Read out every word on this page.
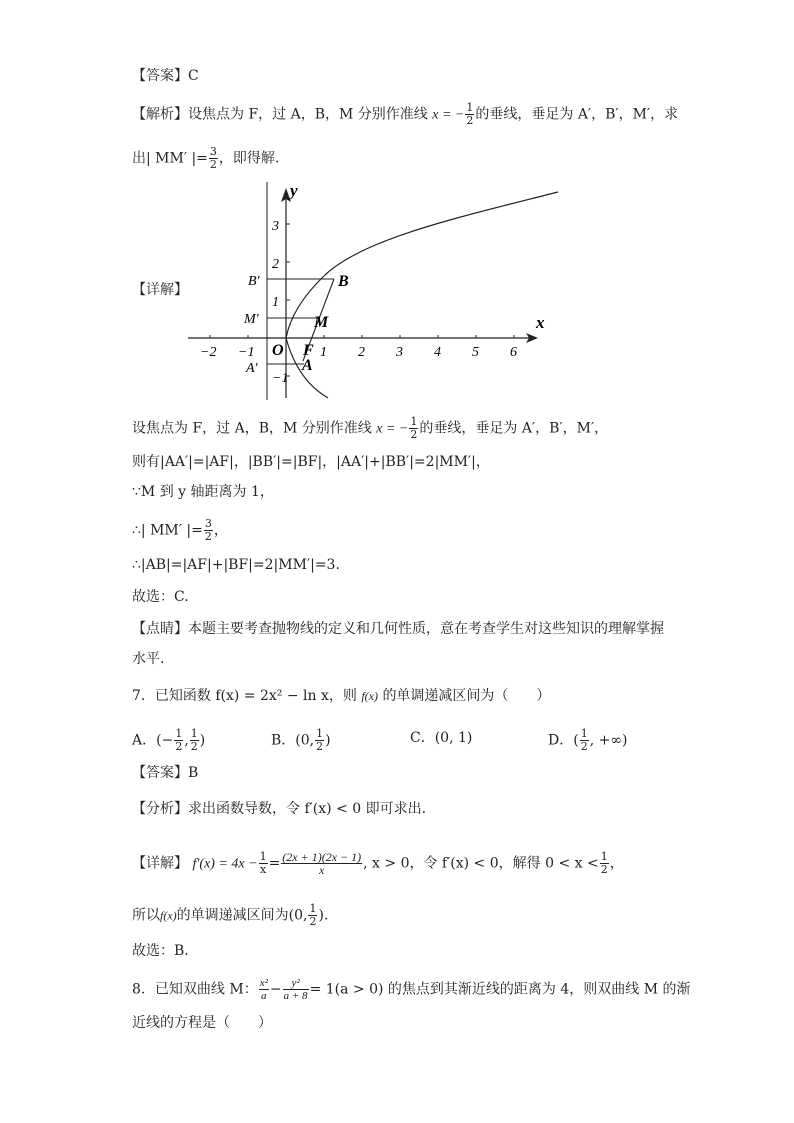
【答案】C
【解析】设焦点为 F，过 A，B，M 分别作准线 x = − $\frac{1}{2}$ 的垂线，垂足为 A′，B′，M′，求
出| MM′ |= $\frac{3}{2}$ ，即得解.
【详解】
y
x
−2 −1	1 2 3 4 5 6
3
2
1
−1
O F
A
B
M
A′
B′
M′
设焦点为 F，过 A，B，M 分别作准线 x = − $\frac{1}{2}$ 的垂线，垂足为 A′，B′，M′，
则有|AA′|=|AF|，|BB′|=|BF|，|AA′|+|BB′|=2|MM′|，
∵M 到 y 轴距离为 1，
∴| MM′ |= $\frac{3}{2}$ ，
∴|AB|=|AF|+|BF|=2|MM′|=3.
故选：C.
【点睛】本题主要考查抛物线的定义和几何性质，意在考查学生对这些知识的理解掌握
水平.
7．已知函数 f(x) = 2x² − ln x，则 f(x) 的单调递减区间为（　　）
A．(− $\frac{1}{2}$ , $\frac{1}{2}$ )	B．(0, $\frac{1}{2}$ )	C．(0, 1)	D．( $\frac{1}{2}$ , +∞)
【答案】B
【分析】求出函数导数，令 f′(x) < 0 即可求出.
【详解】 $f'(x) = 4x - \frac{1}{x} = \frac{(2x + 1)(2x - 1)}{x}$ , x > 0，令 f′(x) < 0，解得 $0 < x < \frac{1}{2}$ ，
所以f(x)的单调递减区间为(0, $\frac{1}{2}$ ).
故选：B.
8．已知双曲线 M： $\frac{\text{x²}}{a} - \frac{\text{y²}}{a + 8} = 1(a > 0)$ 的焦点到其渐近线的距离为 4，则双曲线 M 的渐
近线的方程是（　　）
